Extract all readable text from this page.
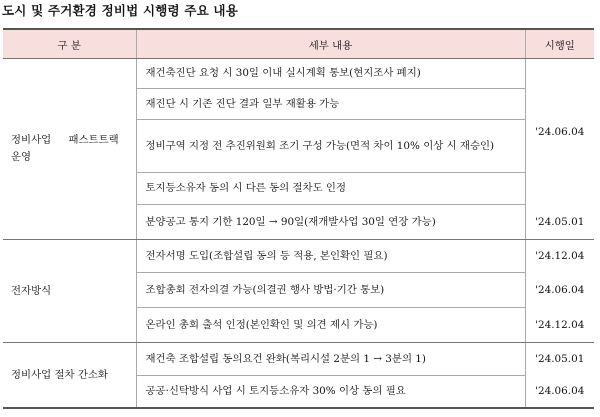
도시 및 주거환경 정비법 시행령 주요 내용
구 분	세부 내용	시행일

정비사업 패스트트랙
운영	재건축진단 요청 시 30일 이내 실시계획 통보(현지조사 폐지)	'24.06.04
	재진단 시 기존 진단 결과 일부 재활용 가능	
	정비구역 지정 전 추진위원회 조기 구성 가능(면적 차이 10% 이상 시 재승인)	
	토지등소유자 동의 시 다른 동의 절차도 인정	
	분양공고 통지 기한 120일 → 90일(재개발사업 30일 연장 가능)	'24.05.01

전자방식	전자서명 도입(조합설립 동의 등 적용, 본인확인 필요)	'24.12.04
	조합총회 전자의결 가능(의결권 행사 방법·기간 통보)	'24.06.04
	온라인 총회 출석 인정(본인확인 및 의견 제시 가능)	'24.12.04

정비사업 절차 간소화	재건축 조합설립 동의요건 완화(복리시설 2분의 1 → 3분의 1)	'24.05.01
	공공·신탁방식 사업 시 토지등소유자 30% 이상 동의 필요	'24.06.04
